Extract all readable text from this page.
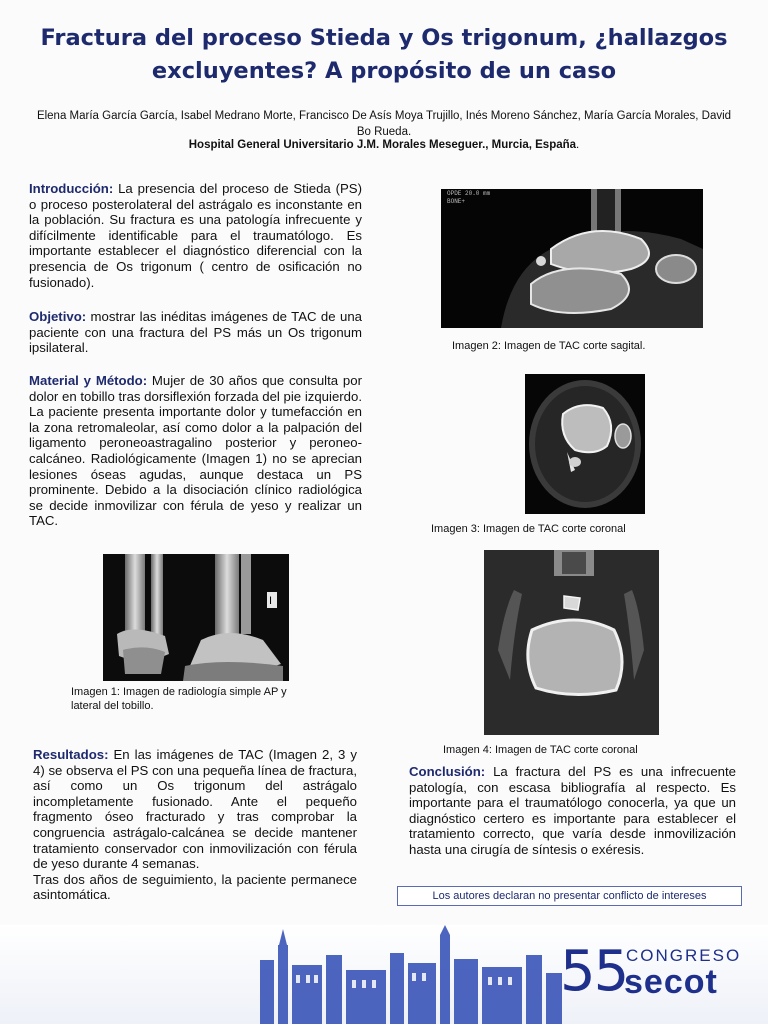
Fractura del proceso Stieda y Os trigonum, ¿hallazgos excluyentes? A propósito de un caso
Elena María García García, Isabel Medrano Morte, Francisco De Asís Moya Trujillo, Inés Moreno Sánchez, María García Morales, David Bo Rueda.
Hospital General Universitario J.M. Morales Meseguer., Murcia, España.
Introducción: La presencia del proceso de Stieda (PS) o proceso posterolateral del astrágalo es inconstante en la población. Su fractura es una patología infrecuente y difícilmente identificable para el traumatólogo. Es importante establecer el diagnóstico diferencial con la presencia de Os trigonum ( centro de osificación no fusionado).
Objetivo: mostrar las inéditas imágenes de TAC de una paciente con una fractura del PS más un Os trigonum ipsilateral.
Material y Método: Mujer de 30 años que consulta por dolor en tobillo tras dorsiflexión forzada del pie izquierdo. La paciente presenta importante dolor y tumefacción en la zona retromaleolar, así como dolor a la palpación del ligamento peroneoastragalino posterior y peroneo-calcáneo. Radiológicamente (Imagen 1) no se aprecian lesiones óseas agudas, aunque destaca un PS prominente. Debido a la disociación clínico radiológica se decide inmovilizar con férula de yeso y realizar un TAC.
I
Imagen 1: Imagen de radiología simple AP y lateral del tobillo.
Resultados: En las imágenes de TAC (Imagen 2, 3 y 4) se observa el PS con una pequeña línea de fractura, así como un Os trigonum del astrágalo incompletamente fusionado. Ante el pequeño fragmento óseo fracturado y tras comprobar la congruencia astrágalo-calcánea se decide mantener tratamiento conservador con inmovilización con férula de yeso durante 4 semanas.
Tras dos años de seguimiento, la paciente permanece asintomática.
OPDE 20.0 mm
BONE+
Imagen 2: Imagen de TAC corte sagital.
Imagen 3: Imagen de TAC corte coronal
Imagen 4: Imagen de TAC corte coronal
Conclusión: La fractura del PS es una infrecuente patología, con escasa bibliografía al respecto. Es importante para el traumatólogo conocerla, ya que un diagnóstico certero es importante para establecer el tratamiento correcto, que varía desde inmovilización hasta una cirugía de síntesis o exéresis.
Los autores declaran no presentar conflicto de intereses
55
CONGRESO
secot
